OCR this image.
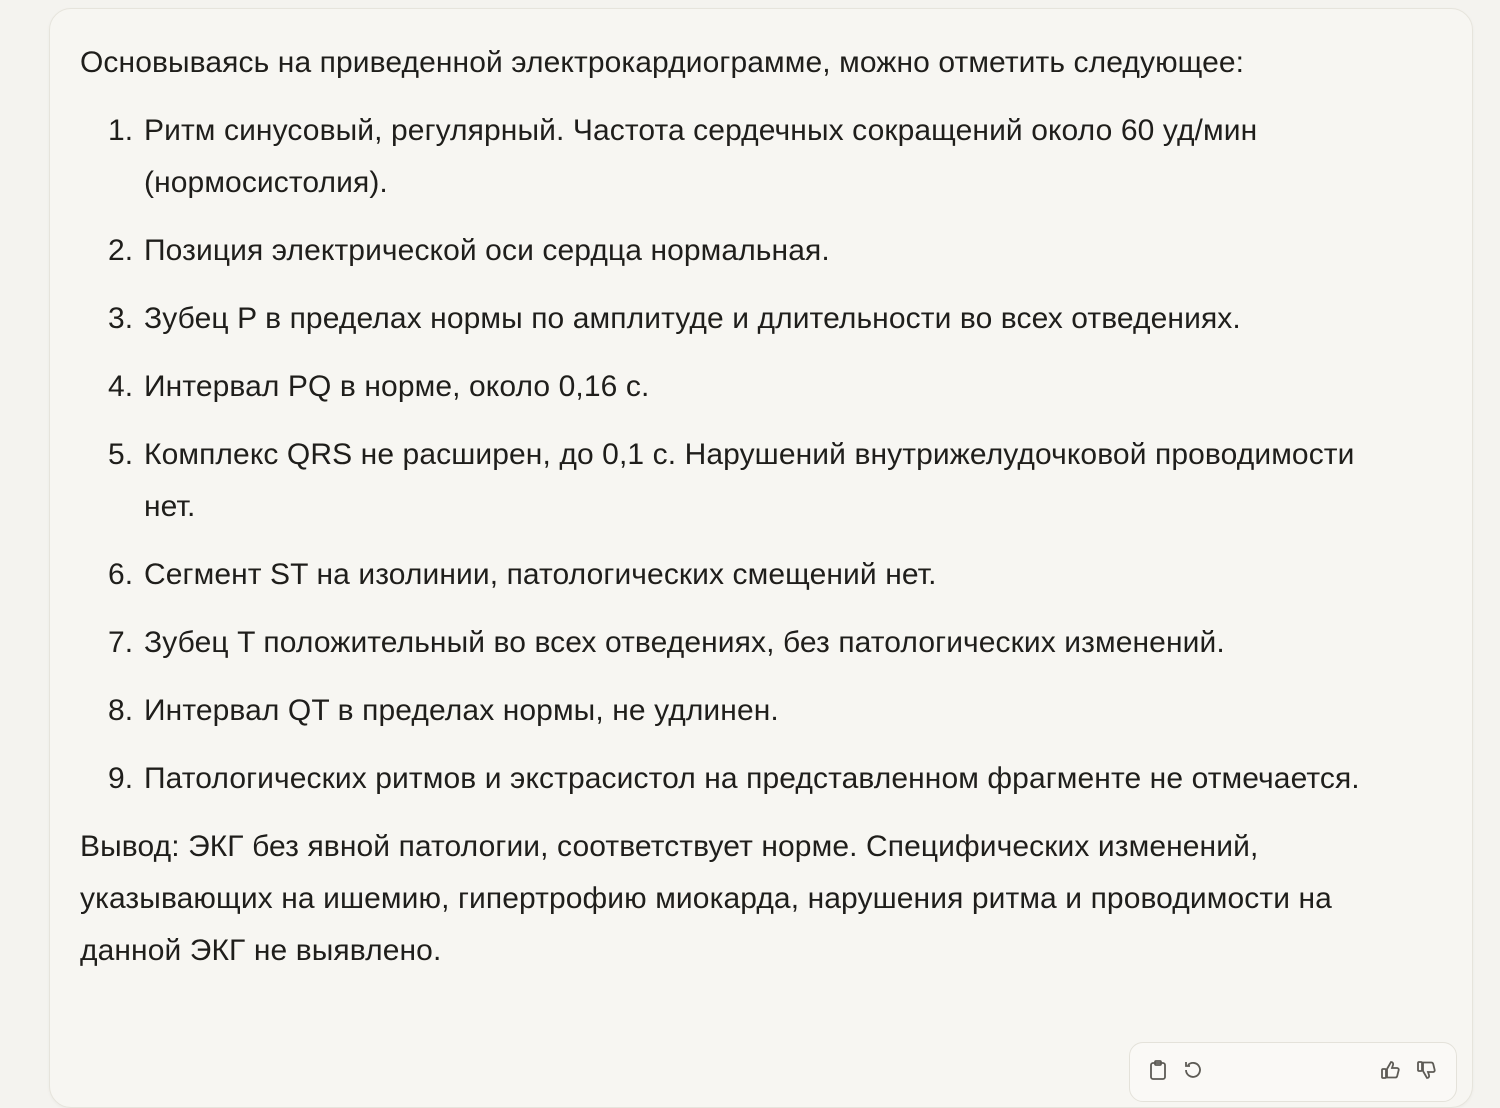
Основываясь на приведенной электрокардиограмме, можно отметить следующее:

1. Ритм синусовый, регулярный. Частота сердечных сокращений около 60 уд/мин (нормосистолия).
2. Позиция электрической оси сердца нормальная.
3. Зубец P в пределах нормы по амплитуде и длительности во всех отведениях.
4. Интервал PQ в норме, около 0,16 с.
5. Комплекс QRS не расширен, до 0,1 с. Нарушений внутрижелудочковой проводимости нет.
6. Сегмент ST на изолинии, патологических смещений нет.
7. Зубец T положительный во всех отведениях, без патологических изменений.
8. Интервал QT в пределах нормы, не удлинен.
9. Патологических ритмов и экстрасистол на представленном фрагменте не отмечается.

Вывод: ЭКГ без явной патологии, соответствует норме. Специфических изменений, указывающих на ишемию, гипертрофию миокарда, нарушения ритма и проводимости на данной ЭКГ не выявлено.
